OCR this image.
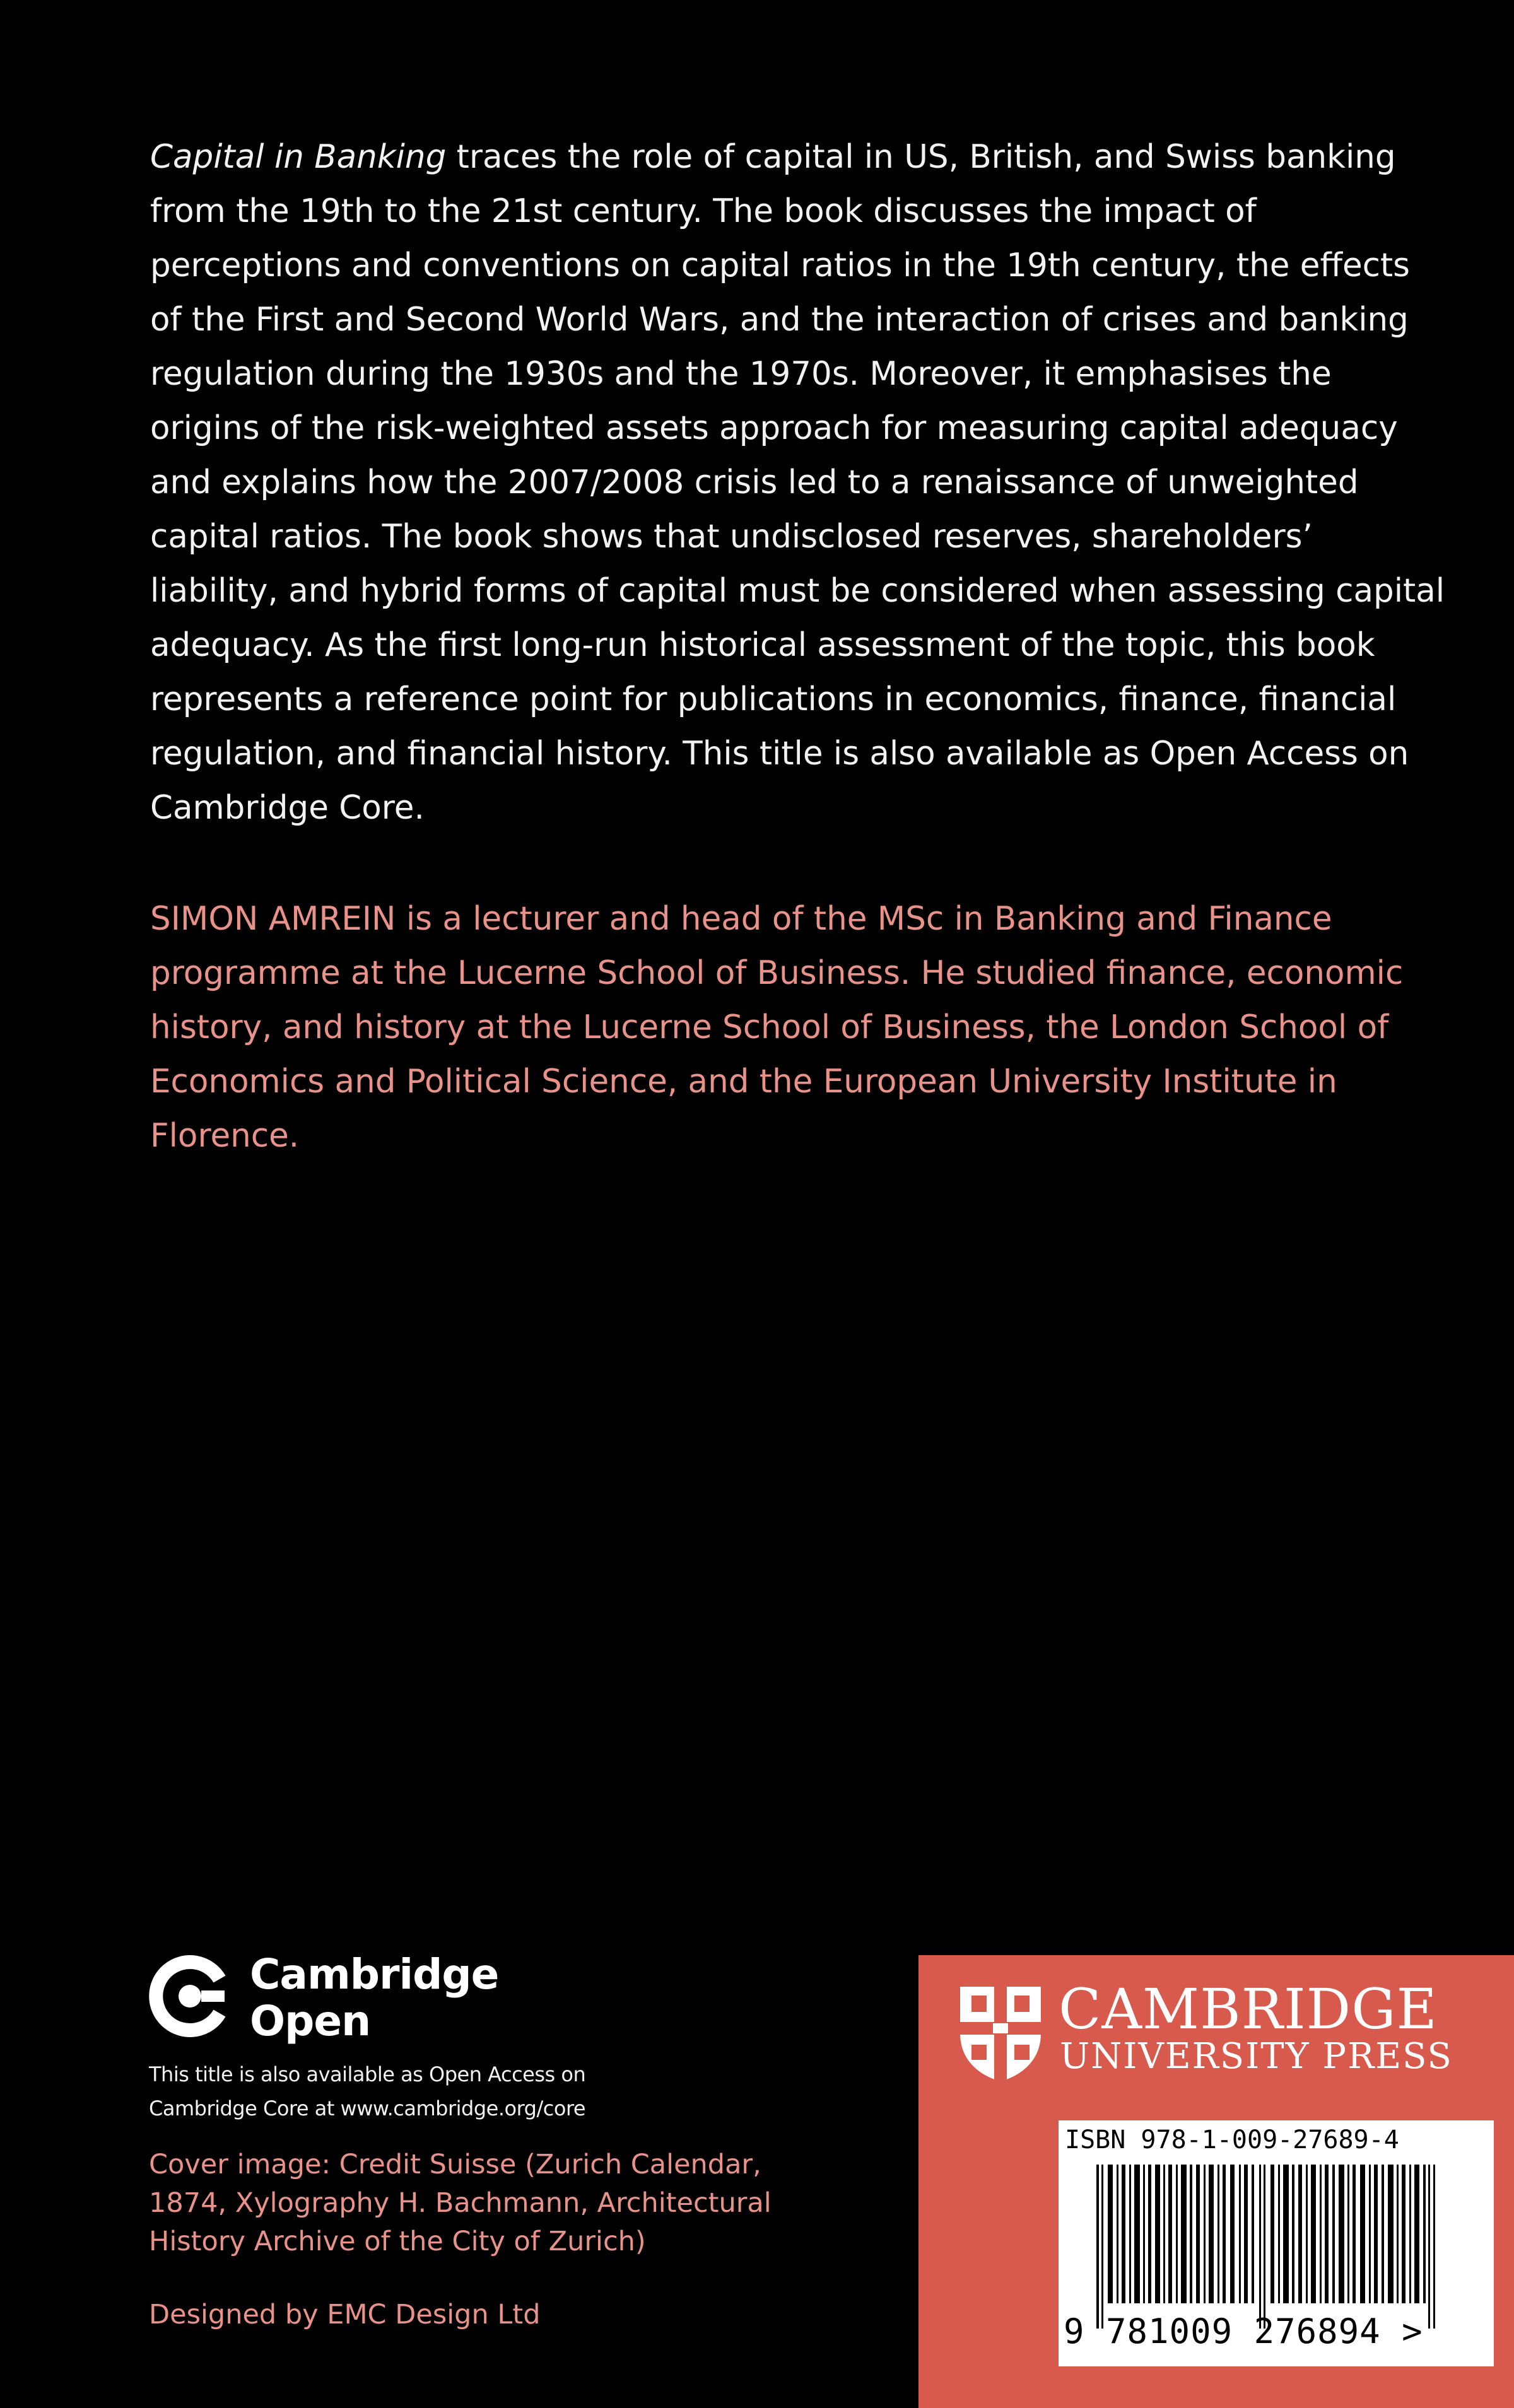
Capital in Banking traces the role of capital in US, British, and Swiss banking from the 19th to the 21st century. The book discusses the impact of perceptions and conventions on capital ratios in the 19th century, the effects of the First and Second World Wars, and the interaction of crises and banking regulation during the 1930s and the 1970s. Moreover, it emphasises the origins of the risk-weighted assets approach for measuring capital adequacy and explains how the 2007/2008 crisis led to a renaissance of unweighted capital ratios. The book shows that undisclosed reserves, shareholders’ liability, and hybrid forms of capital must be considered when assessing capital adequacy. As the first long-run historical assessment of the topic, this book represents a reference point for publications in economics, finance, financial regulation, and financial history. This title is also available as Open Access on Cambridge Core.

SIMON AMREIN is a lecturer and head of the MSc in Banking and Finance programme at the Lucerne School of Business. He studied finance, economic history, and history at the Lucerne School of Business, the London School of Economics and Political Science, and the European University Institute in Florence.

Cambridge
Open
This title is also available as Open Access on Cambridge Core at www.cambridge.org/core
Cover image: Credit Suisse (Zurich Calendar, 1874, Xylography H. Bachmann, Architectural History Archive of the City of Zurich)
Designed by EMC Design Ltd
CAMBRIDGE
UNIVERSITY PRESS
ISBN 978-1-009-27689-4
9 781009 276894 >
